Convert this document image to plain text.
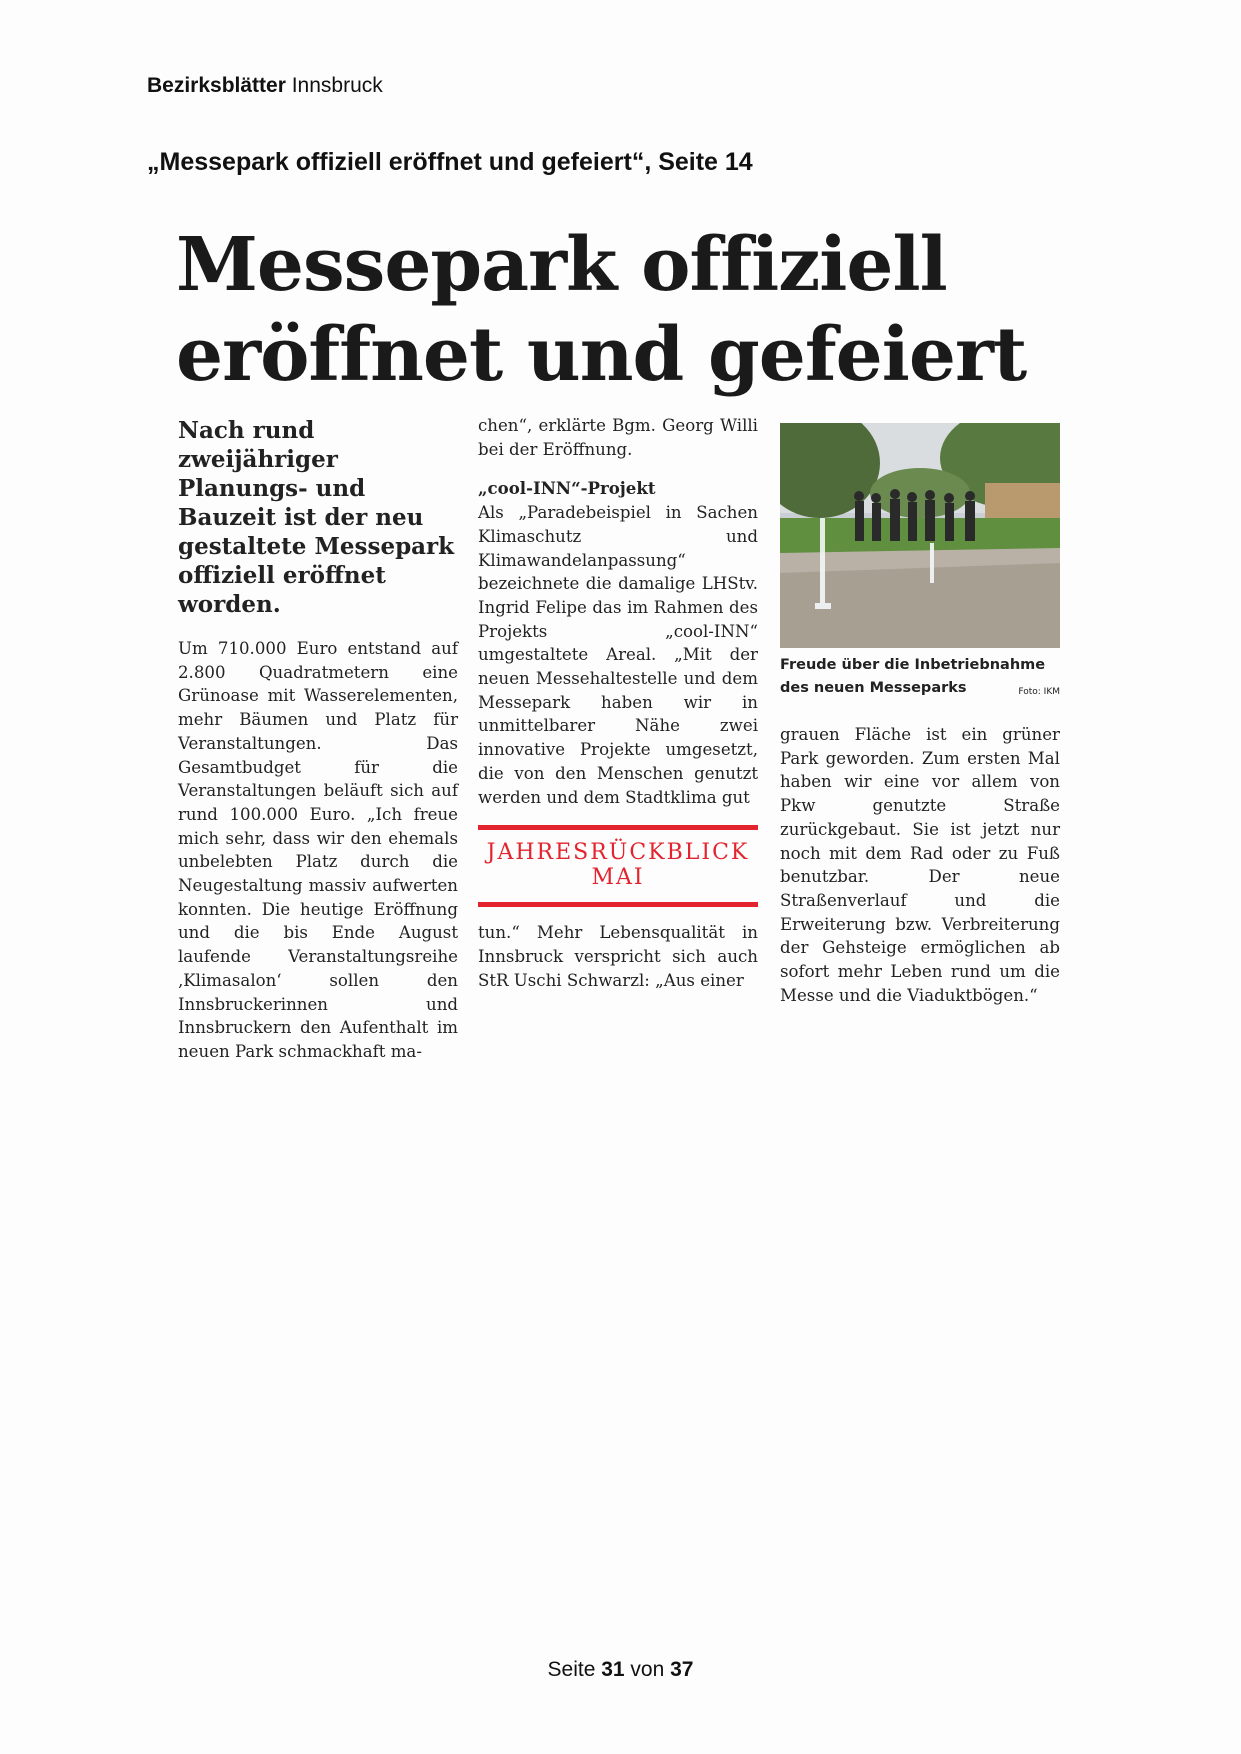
Bezirksblätter Innsbruck
„Messepark offiziell eröffnet und gefeiert“, Seite 14
Messepark offiziell
eröffnet und gefeiert

Nach rund zweijähriger Planungs- und Bauzeit ist der neu gestaltete Messepark offiziell eröffnet worden.

Um 710.000 Euro entstand auf 2.800 Quadratmetern eine Grünoase mit Wasserelementen, mehr Bäumen und Platz für Veranstaltungen. Das Gesamtbudget für die Veranstaltungen beläuft sich auf rund 100.000 Euro. „Ich freue mich sehr, dass wir den ehemals unbelebten Platz durch die Neugestaltung massiv aufwerten konnten. Die heutige Eröffnung und die bis Ende August laufende Veranstaltungsreihe ‚Klimasalon‘ sollen den Innsbruckerinnen und Innsbruckern den Aufenthalt im neuen Park schmackhaft ma-

chen“, erklärte Bgm. Georg Willi bei der Eröffnung.

„cool-INN“-Projekt

Als „Paradebeispiel in Sachen Klimaschutz und Klimawandelanpassung“ bezeichnete die damalige LHStv. Ingrid Felipe das im Rahmen des Projekts „cool-INN“ umgestaltete Areal. „Mit der neuen Messehaltestelle und dem Messepark haben wir in unmittelbarer Nähe zwei innovative Projekte umgesetzt, die von den Menschen genutzt werden und dem Stadtklima gut

JAHRESRÜCKBLICK
MAI

tun.“ Mehr Lebensqualität in Innsbruck verspricht sich auch StR Uschi Schwarzl: „Aus einer

Freude über die Inbetriebnahme des neuen Messeparks	Foto: IKM

grauen Fläche ist ein grüner Park geworden. Zum ersten Mal haben wir eine vor allem von Pkw genutzte Straße zurückgebaut. Sie ist jetzt nur noch mit dem Rad oder zu Fuß benutzbar. Der neue Straßenverlauf und die Erweiterung bzw. Verbreiterung der Gehsteige ermöglichen ab sofort mehr Leben rund um die Messe und die Viaduktbögen.“

Seite 31 von 37
